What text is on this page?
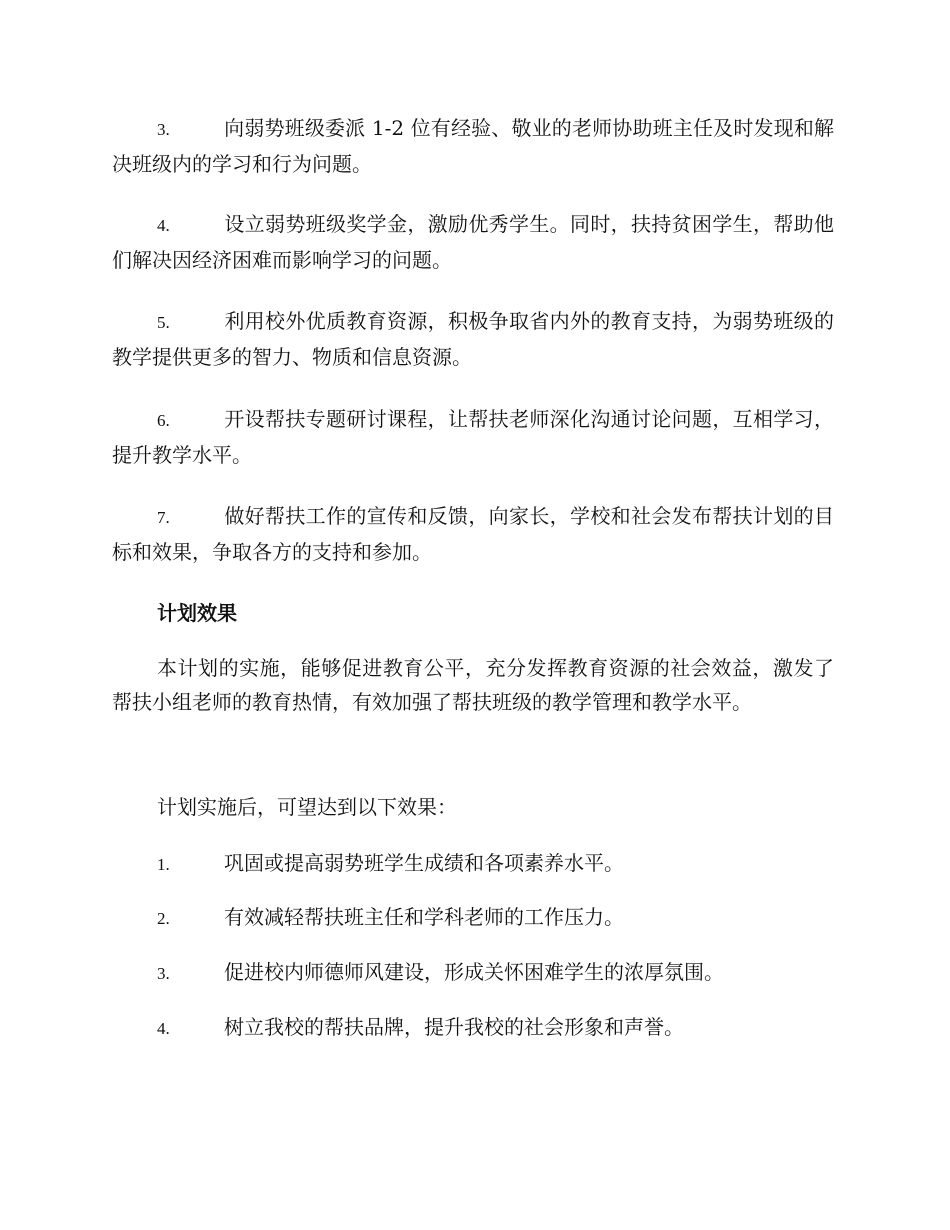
3.	向弱势班级委派 1-2 位有经验、敬业的老师协助班主任及时发现和解决班级内的学习和行为问题。
4.	设立弱势班级奖学金，激励优秀学生。同时，扶持贫困学生，帮助他们解决因经济困难而影响学习的问题。
5.	利用校外优质教育资源，积极争取省内外的教育支持，为弱势班级的教学提供更多的智力、物质和信息资源。
6.	开设帮扶专题研讨课程，让帮扶老师深化沟通讨论问题，互相学习，提升教学水平。
7.	做好帮扶工作的宣传和反馈，向家长，学校和社会发布帮扶计划的目标和效果，争取各方的支持和参加。
计划效果
本计划的实施，能够促进教育公平，充分发挥教育资源的社会效益，激发了帮扶小组老师的教育热情，有效加强了帮扶班级的教学管理和教学水平。
计划实施后，可望达到以下效果：
1.	巩固或提高弱势班学生成绩和各项素养水平。
2.	有效减轻帮扶班主任和学科老师的工作压力。
3.	促进校内师德师风建设，形成关怀困难学生的浓厚氛围。
4.	树立我校的帮扶品牌，提升我校的社会形象和声誉。
